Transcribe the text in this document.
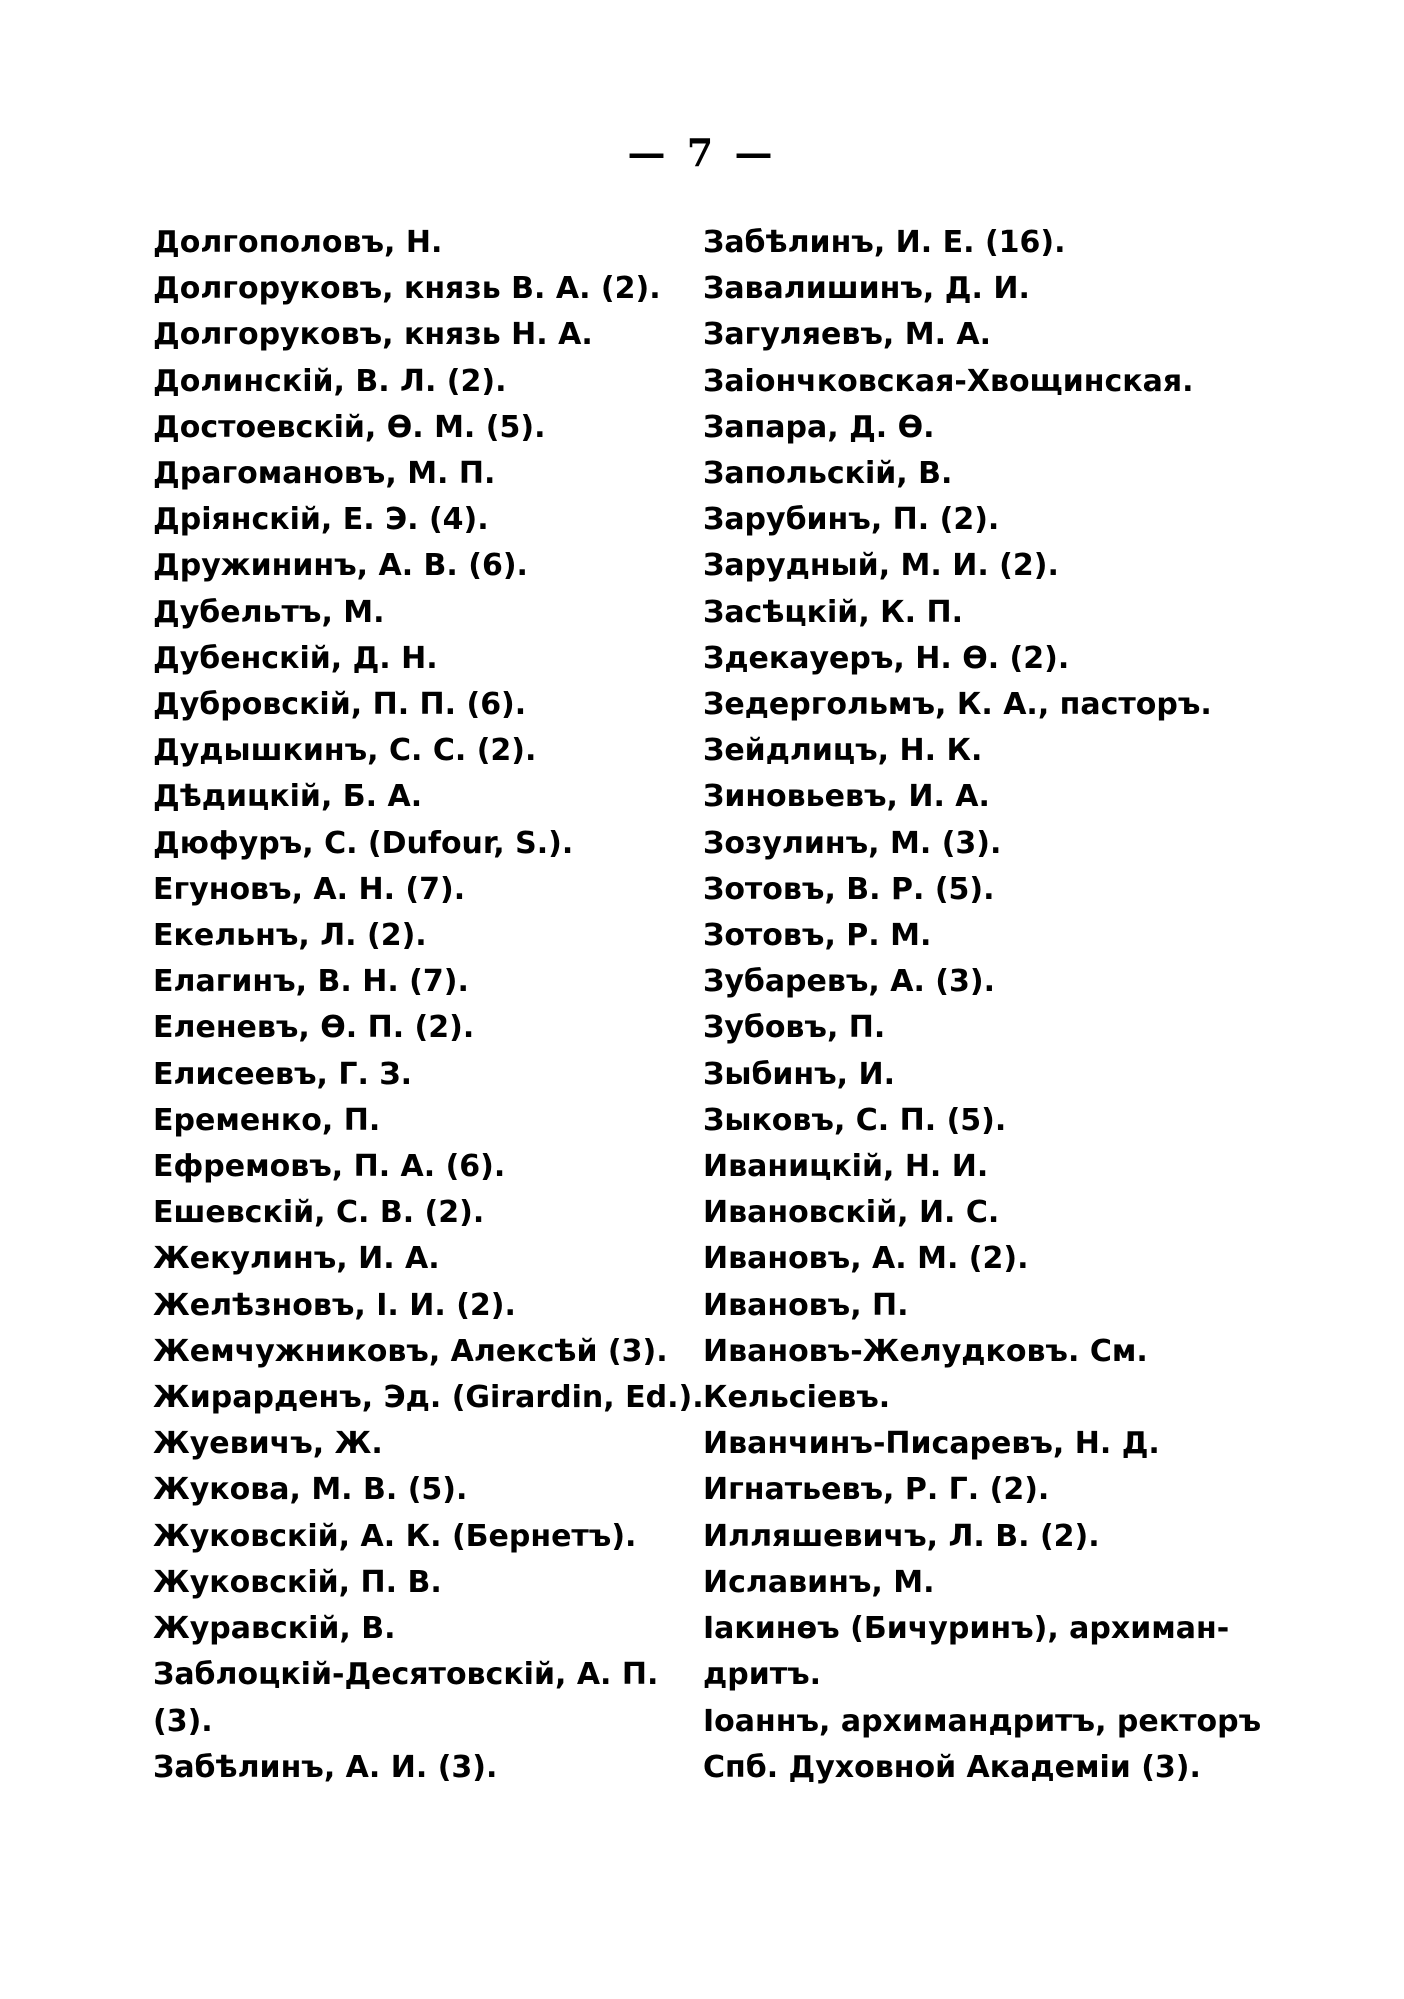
— 7 —
Долгополовъ, Н.
Долгоруковъ, князь В. А. (2).
Долгоруковъ, князь Н. А.
Долинскій, В. Л. (2).
Достоевскій, Ѳ. М. (5).
Драгомановъ, М. П.
Дріянскій, Е. Э. (4).
Дружининъ, А. В. (6).
Дубельтъ, М.
Дубенскій, Д. Н.
Дубровскій, П. П. (6).
Дудышкинъ, С. С. (2).
Дѣдицкій, Б. А.
Дюфуръ, С. (Dufour, S.).
Егуновъ, А. Н. (7).
Екельнъ, Л. (2).
Елагинъ, В. Н. (7).
Еленевъ, Ѳ. П. (2).
Елисеевъ, Г. З.
Еременко, П.
Ефремовъ, П. А. (6).
Ешевскій, С. В. (2).
Жекулинъ, И. А.
Желѣзновъ, І. И. (2).
Жемчужниковъ, Алексѣй (3).
Жирарденъ, Эд. (Girardin, Ed.).
Жуевичъ, Ж.
Жукова, М. В. (5).
Жуковскій, А. К. (Бернетъ).
Жуковскій, П. В.
Журавскій, В.
Заблоцкій-Десятовскій, А. П.
(3).
Забѣлинъ, А. И. (3).
Забѣлинъ, И. Е. (16).
Завалишинъ, Д. И.
Загуляевъ, М. А.
Заіончковская-Хвощинская.
Запара, Д. Ѳ.
Запольскій, В.
Зарубинъ, П. (2).
Зарудный, М. И. (2).
Засѣцкій, К. П.
Здекауеръ, Н. Ѳ. (2).
Зедергольмъ, К. А., пасторъ.
Зейдлицъ, Н. К.
Зиновьевъ, И. А.
Зозулинъ, М. (3).
Зотовъ, В. Р. (5).
Зотовъ, Р. М.
Зубаревъ, А. (3).
Зубовъ, П.
Зыбинъ, И.
Зыковъ, С. П. (5).
Иваницкій, Н. И.
Ивановскій, И. С.
Ивановъ, А. М. (2).
Ивановъ, П.
Ивановъ-Желудковъ. См.
Кельсіевъ.
Иванчинъ-Писаревъ, Н. Д.
Игнатьевъ, Р. Г. (2).
Илляшевичъ, Л. В. (2).
Иславинъ, М.
Іакинѳъ (Бичуринъ), архиман-
дритъ.
Іоаннъ, архимандритъ, ректоръ
Спб. Духовной Академіи (3).
